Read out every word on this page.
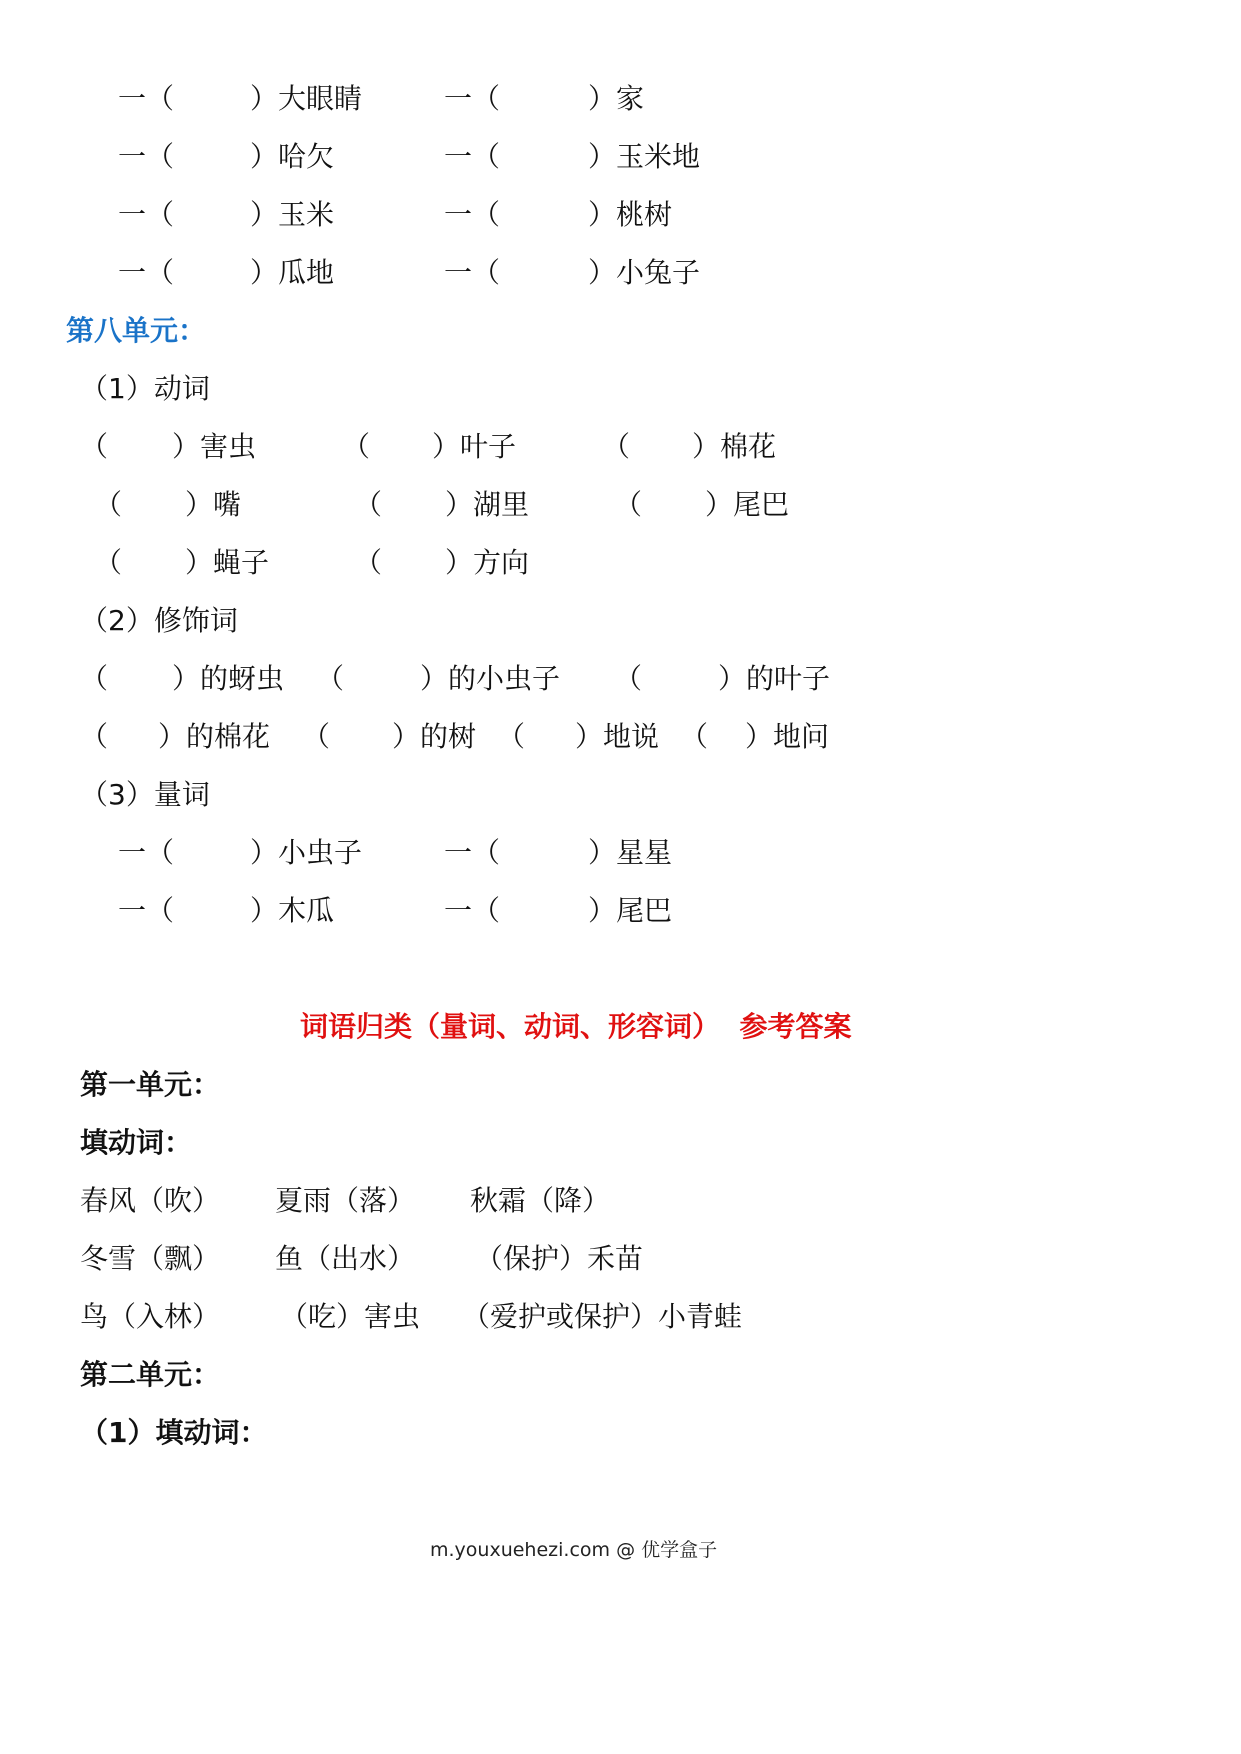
一（	）大眼睛	一（	）家
一（	）哈欠	一（	）玉米地
一（	）玉米	一（	）桃树
一（	）瓜地	一（	）小兔子
第八单元：
（1）动词
（ ）害虫	（ ）叶子	（ ）棉花
（ ）嘴	（ ）湖里	（ ）尾巴
（ ）蝇子	（ ）方向
（2）修饰词
（ ）的蚜虫 （	）的小虫子 （	）的叶子
（ ）的棉花 （ ）的树 （ ）地说 （ ）地问
（3）量词
一（	）小虫子	一（	）星星
一（	）木瓜	一（	）尾巴
词语归类（量词、动词、形容词）  参考答案
第一单元：
填动词：
春风（吹） 夏雨（落） 秋霜（降）
冬雪（飘） 鱼（出水） （保护）禾苗
鸟（入林） （吃）害虫 （爱护或保护）小青蛙
第二单元：
（1）填动词：
m.youxuehezi.com @ 优学盒子
